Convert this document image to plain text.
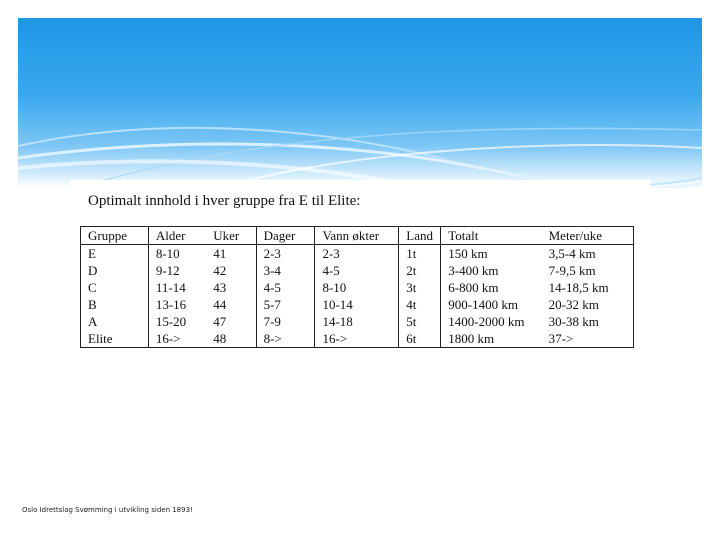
Optimalt innhold i hver gruppe fra E til Elite:
Gruppe	Alder	Uker	Dager	Vann økter	Land	Totalt	Meter/uke
E	8-10	41	2-3	2-3	1t	150 km	3,5-4 km
D	9-12	42	3-4	4-5	2t	3-400 km	7-9,5 km
C	11-14	43	4-5	8-10	3t	6-800 km	14-18,5 km
B	13-16	44	5-7	10-14	4t	900-1400 km	20-32 km
A	15-20	47	7-9	14-18	5t	1400-2000 km	30-38 km
Elite	16->	48	8->	16->	6t	1800 km	37->
Oslo Idrettslag Svømming i utvikling siden 1893!
